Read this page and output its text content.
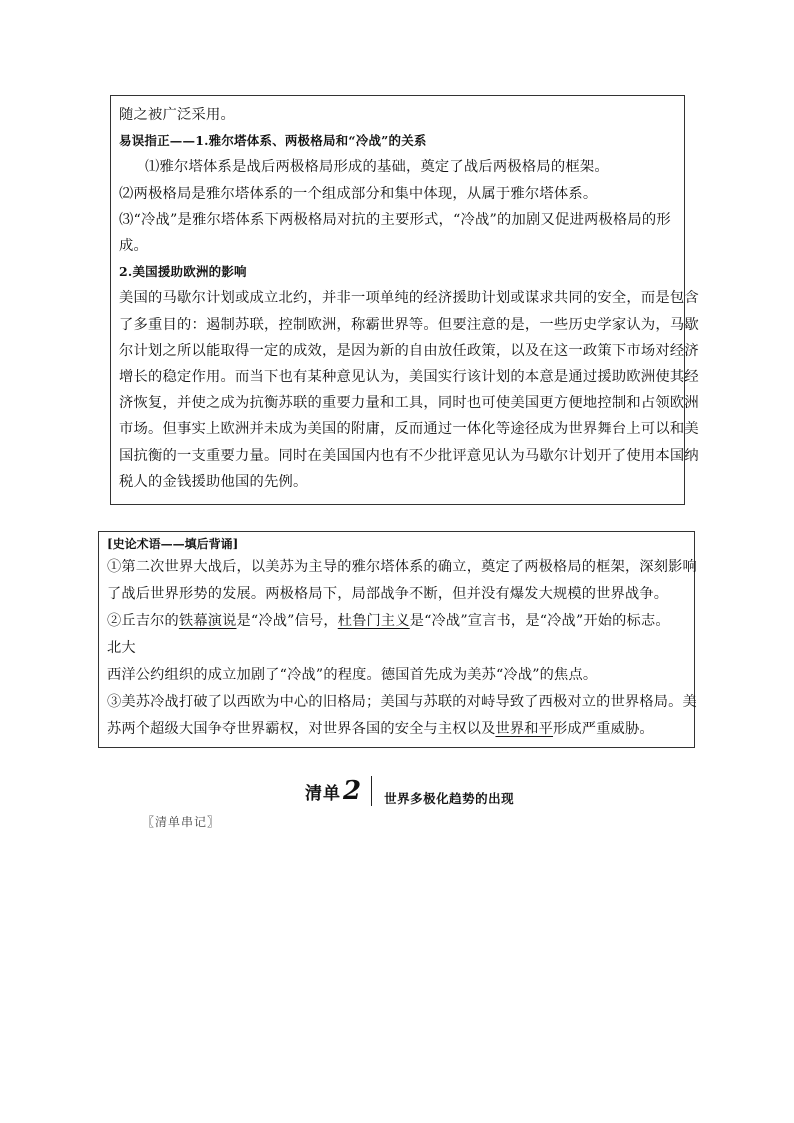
随之被广泛采用。
易误指正——1.雅尔塔体系、两极格局和“冷战”的关系
⑴雅尔塔体系是战后两极格局形成的基础，奠定了战后两极格局的框架。
⑵两极格局是雅尔塔体系的一个组成部分和集中体现，从属于雅尔塔体系。
⑶“冷战”是雅尔塔体系下两极格局对抗的主要形式，“冷战”的加剧又促进两极格局的形
成。
2.美国援助欧洲的影响
美国的马歇尔计划或成立北约，并非一项单纯的经济援助计划或谋求共同的安全，而是包含
了多重目的：遏制苏联，控制欧洲，称霸世界等。但要注意的是，一些历史学家认为，马歇
尔计划之所以能取得一定的成效，是因为新的自由放任政策，以及在这一政策下市场对经济
增长的稳定作用。而当下也有某种意见认为，美国实行该计划的本意是通过援助欧洲使其经
济恢复，并使之成为抗衡苏联的重要力量和工具，同时也可使美国更方便地控制和占领欧洲
市场。但事实上欧洲并未成为美国的附庸，反而通过一体化等途径成为世界舞台上可以和美
国抗衡的一支重要力量。同时在美国国内也有不少批评意见认为马歇尔计划开了使用本国纳
税人的金钱援助他国的先例。
[史论术语——填后背诵]
①第二次世界大战后，以美苏为主导的雅尔塔体系的确立，奠定了两极格局的框架，深刻影响
了战后世界形势的发展。两极格局下，局部战争不断，但并没有爆发大规模的世界战争。
②丘吉尔的铁幕演说是“冷战”信号，杜鲁门主义是“冷战”宣言书，是“冷战”开始的标志。
北大
西洋公约组织的成立加剧了“冷战”的程度。德国首先成为美苏“冷战”的焦点。
③美苏冷战打破了以西欧为中心的旧格局；美国与苏联的对峙导致了西极对立的世界格局。美
苏两个超级大国争夺世界霸权，对世界各国的安全与主权以及世界和平形成严重威胁。
清单 2 世界多极化趋势的出现
〖清单串记〗
